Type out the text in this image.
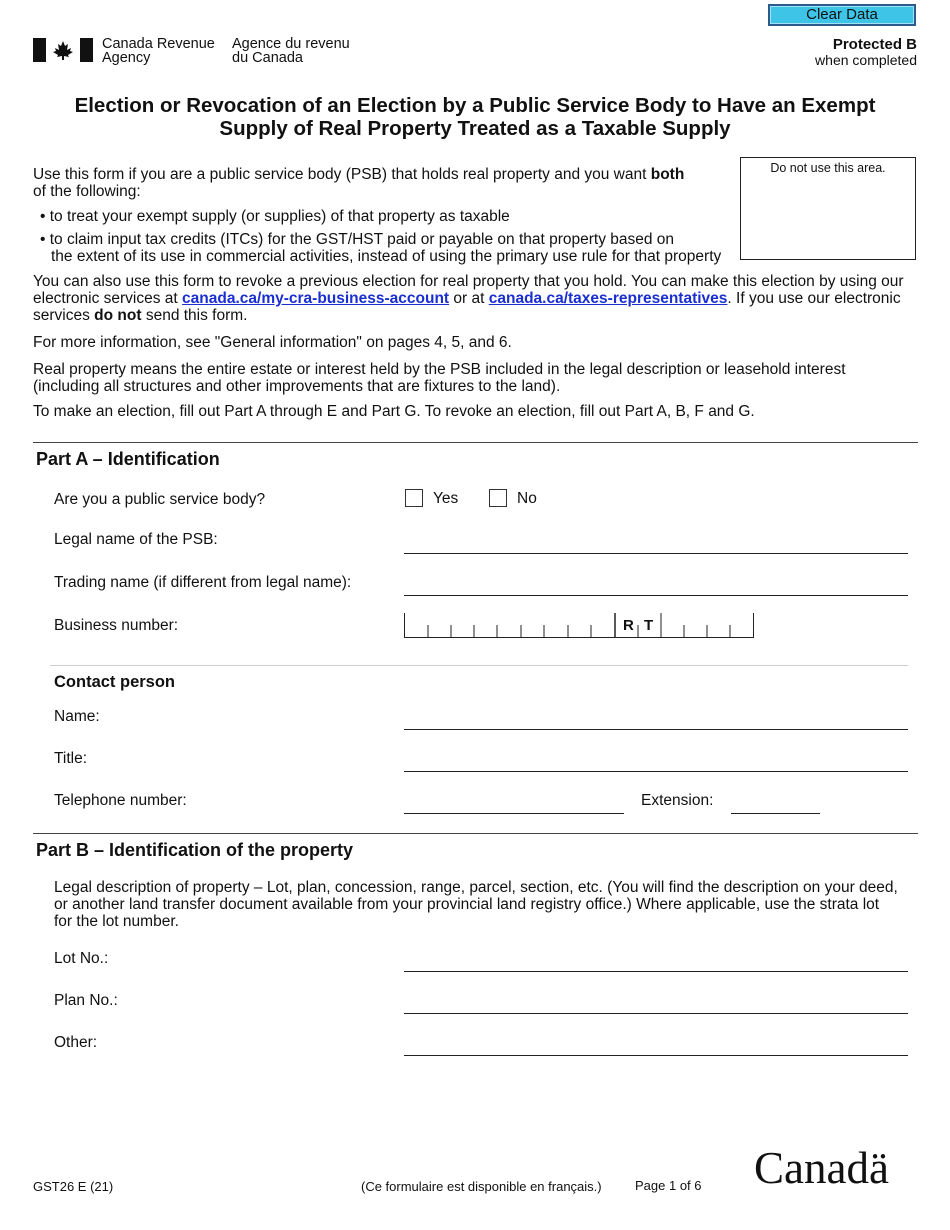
Clear Data
Canada Revenue
Agency
Agence du revenu
du Canada
Protected B
when completed
Election or Revocation of an Election by a Public Service Body to Have an Exempt
Supply of Real Property Treated as a Taxable Supply
Do not use this area.
Use this form if you are a public service body (PSB) that holds real property and you want both
of the following:
• to treat your exempt supply (or supplies) of that property as taxable
• to claim input tax credits (ITCs) for the GST/HST paid or payable on that property based on
the extent of its use in commercial activities, instead of using the primary use rule for that property
You can also use this form to revoke a previous election for real property that you hold. You can make this election by using our
electronic services at canada.ca/my-cra-business-account or at canada.ca/taxes-representatives. If you use our electronic
services do not send this form.
For more information, see "General information" on pages 4, 5, and 6.
Real property means the entire estate or interest held by the PSB included in the legal description or leasehold interest
(including all structures and other improvements that are fixtures to the land).
To make an election, fill out Part A through E and Part G. To revoke an election, fill out Part A, B, F and G.
Part A – Identification
Are you a public service body?	Yes	No
Legal name of the PSB:
Trading name (if different from legal name):
Business number:	R T
Contact person
Name:
Title:
Telephone number:	Extension:
Part B – Identification of the property
Legal description of property – Lot, plan, concession, range, parcel, section, etc. (You will find the description on your deed,
or another land transfer document available from your provincial land registry office.) Where applicable, use the strata lot
for the lot number.
Lot No.:
Plan No.:
Other:
GST26 E (21)	(Ce formulaire est disponible en français.)	Page 1 of 6 Canadä
